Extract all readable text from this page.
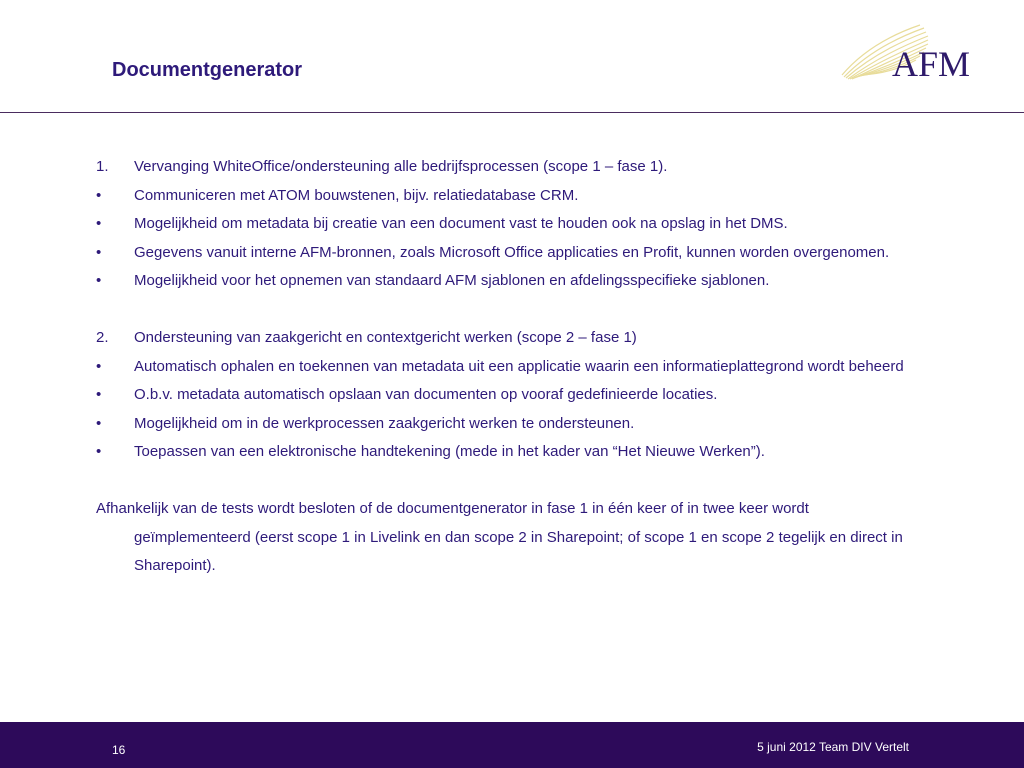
Documentgenerator	AFM
1.	Vervanging WhiteOffice/ondersteuning alle bedrijfsprocessen (scope 1 – fase 1).
•	Communiceren met ATOM bouwstenen, bijv. relatiedatabase CRM.
•	Mogelijkheid om metadata bij creatie van een document vast te houden ook na opslag in het DMS.
•	Gegevens vanuit interne AFM-bronnen, zoals Microsoft Office applicaties en Profit, kunnen worden overgenomen.
•	Mogelijkheid voor het opnemen van standaard AFM sjablonen en afdelingsspecifieke sjablonen.
2.	Ondersteuning van zaakgericht en contextgericht werken (scope 2 – fase 1)
•	Automatisch ophalen en toekennen van metadata uit een applicatie waarin een informatieplattegrond wordt beheerd
•	O.b.v. metadata automatisch opslaan van documenten op vooraf gedefinieerde locaties.
•	Mogelijkheid om in de werkprocessen zaakgericht werken te ondersteunen.
•	Toepassen van een elektronische handtekening (mede in het kader van “Het Nieuwe Werken”).
Afhankelijk van de tests wordt besloten of de documentgenerator in fase 1 in één keer of in twee keer wordt geïmplementeerd (eerst scope 1 in Livelink en dan scope 2 in Sharepoint; of scope 1 en scope 2 tegelijk en direct in Sharepoint).
16	5 juni 2012 Team DIV Vertelt
